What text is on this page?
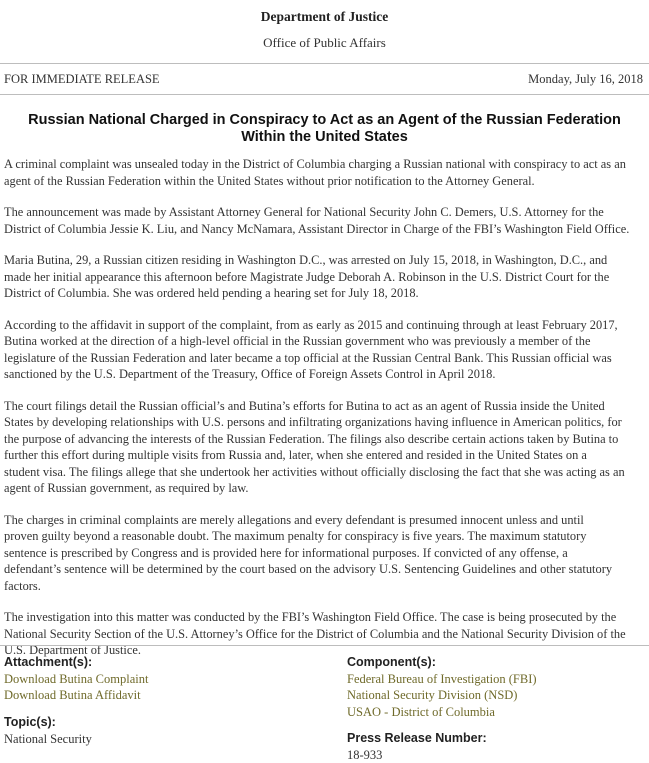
Department of Justice
Office of Public Affairs
FOR IMMEDIATE RELEASE	Monday, July 16, 2018
Russian National Charged in Conspiracy to Act as an Agent of the Russian Federation
Within the United States

A criminal complaint was unsealed today in the District of Columbia charging a Russian national with conspiracy to act as an
agent of the Russian Federation within the United States without prior notification to the Attorney General.

The announcement was made by Assistant Attorney General for National Security John C. Demers, U.S. Attorney for the
District of Columbia Jessie K. Liu, and Nancy McNamara, Assistant Director in Charge of the FBI’s Washington Field Office.

Maria Butina, 29, a Russian citizen residing in Washington D.C., was arrested on July 15, 2018, in Washington, D.C., and
made her initial appearance this afternoon before Magistrate Judge Deborah A. Robinson in the U.S. District Court for the
District of Columbia. She was ordered held pending a hearing set for July 18, 2018.

According to the affidavit in support of the complaint, from as early as 2015 and continuing through at least February 2017,
Butina worked at the direction of a high-level official in the Russian government who was previously a member of the
legislature of the Russian Federation and later became a top official at the Russian Central Bank. This Russian official was
sanctioned by the U.S. Department of the Treasury, Office of Foreign Assets Control in April 2018.

The court filings detail the Russian official’s and Butina’s efforts for Butina to act as an agent of Russia inside the United
States by developing relationships with U.S. persons and infiltrating organizations having influence in American politics, for
the purpose of advancing the interests of the Russian Federation. The filings also describe certain actions taken by Butina to
further this effort during multiple visits from Russia and, later, when she entered and resided in the United States on a
student visa. The filings allege that she undertook her activities without officially disclosing the fact that she was acting as an
agent of Russian government, as required by law.

The charges in criminal complaints are merely allegations and every defendant is presumed innocent unless and until
proven guilty beyond a reasonable doubt. The maximum penalty for conspiracy is five years. The maximum statutory
sentence is prescribed by Congress and is provided here for informational purposes. If convicted of any offense, a
defendant’s sentence will be determined by the court based on the advisory U.S. Sentencing Guidelines and other statutory
factors.

The investigation into this matter was conducted by the FBI’s Washington Field Office. The case is being prosecuted by the
National Security Section of the U.S. Attorney’s Office for the District of Columbia and the National Security Division of the
U.S. Department of Justice.

Attachment(s):
Download Butina Complaint
Download Butina Affidavit
Topic(s):
National Security
Component(s):
Federal Bureau of Investigation (FBI)
National Security Division (NSD)
USAO - District of Columbia
Press Release Number:
18-933
